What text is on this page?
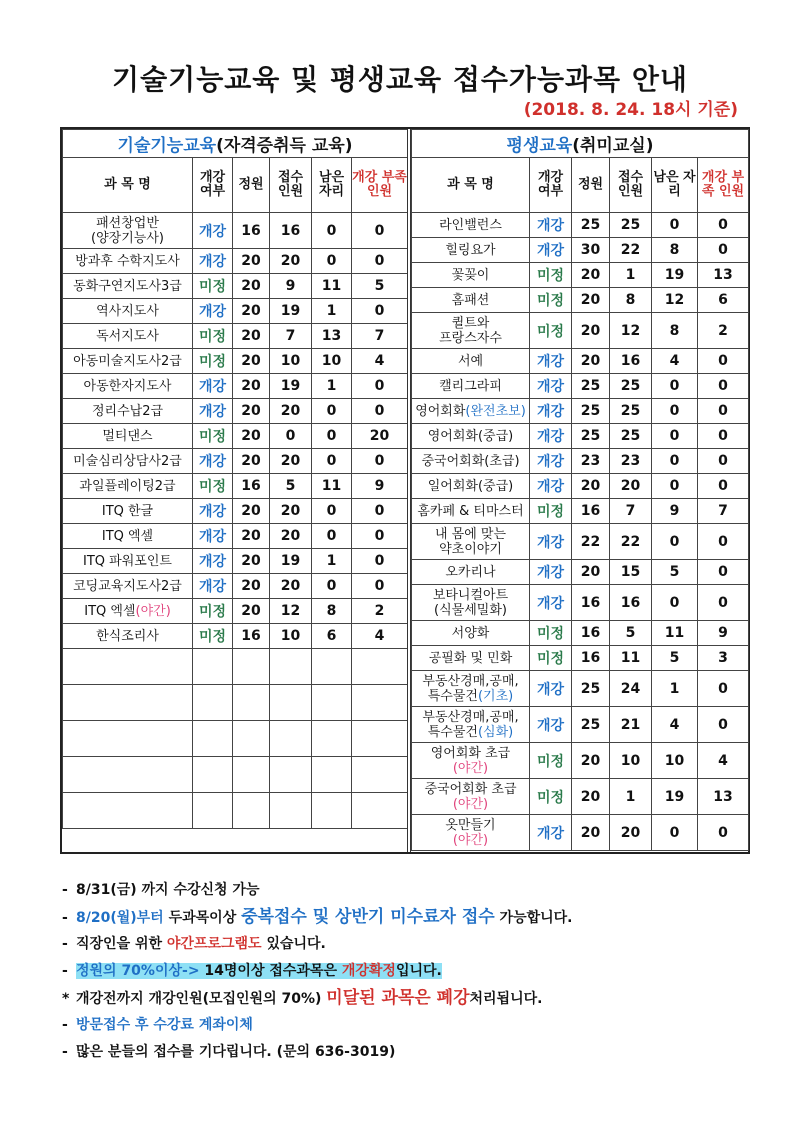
기술기능교육 및 평생교육 접수가능과목 안내
(2018. 8. 24. 18시 기준)
기술기능교육(자격증취득 교육)					
과 목 명	개강 여부	정원	접수 인원	남은 자리	개강 부족 인원
패션창업반
(양장기능사)	개강	16	16	0	0
방과후 수학지도사	개강	20	20	0	0
동화구연지도사3급	미정	20	9	11	5
역사지도사	개강	20	19	1	0
독서지도사	미정	20	7	13	7
아동미술지도사2급	미정	20	10	10	4
아동한자지도사	개강	20	19	1	0
정리수납2급	개강	20	20	0	0
멀티댄스	미정	20	0	0	20
미술심리상담사2급	개강	20	20	0	0
과일플레이팅2급	미정	16	5	11	9
ITQ 한글	개강	20	20	0	0
ITQ 엑셀	개강	20	20	0	0
ITQ 파워포인트	개강	20	19	1	0
코딩교육지도사2급	개강	20	20	0	0
ITQ 엑셀(야간)	미정	20	12	8	2
한식조리사	미정	16	10	6	4

평생교육(취미교실)					
과 목 명	개강 여부	정원	접수 인원	남은 자리	개강 부족 인원
라인밸런스	개강	25	25	0	0
힐링요가	개강	30	22	8	0
꽃꽂이	미정	20	1	19	13
홈패션	미정	20	8	12	6
퀼트와
프랑스자수	미정	20	12	8	2
서예	개강	20	16	4	0
캘리그라피	개강	25	25	0	0
영어회화(완전초보)	개강	25	25	0	0
영어회화(중급)	개강	25	25	0	0
중국어회화(초급)	개강	23	23	0	0
일어회화(중급)	개강	20	20	0	0
홈카페 & 티마스터	미정	16	7	9	7
내 몸에 맞는
약초이야기	개강	22	22	0	0
오카리나	개강	20	15	5	0
보타니컬아트
(식물세밀화)	개강	16	16	0	0
서양화	미정	16	5	11	9
공필화 및 민화	미정	16	11	5	3
부동산경매,공매,
특수물건(기초)	개강	25	24	1	0
부동산경매,공매,
특수물건(심화)	개강	25	21	4	0
영어회화 초급
(야간)	미정	20	10	10	4
중국어회화 초급
(야간)	미정	20	1	19	13
옷만들기
(야간)	개강	20	20	0	0
- 8/31(금) 까지 수강신청 가능
- 8/20(월)부터 두과목이상 중복접수 및 상반기 미수료자 접수 가능합니다.
- 직장인을 위한 야간프로그램도 있습니다.
- 정원의 70%이상-> 14명이상 접수과목은 개강확정입니다.
* 개강전까지 개강인원(모집인원의 70%) 미달된 과목은 폐강처리됩니다.
- 방문접수 후 수강료 계좌이체
- 많은 분들의 접수를 기다립니다. (문의 636-3019)
